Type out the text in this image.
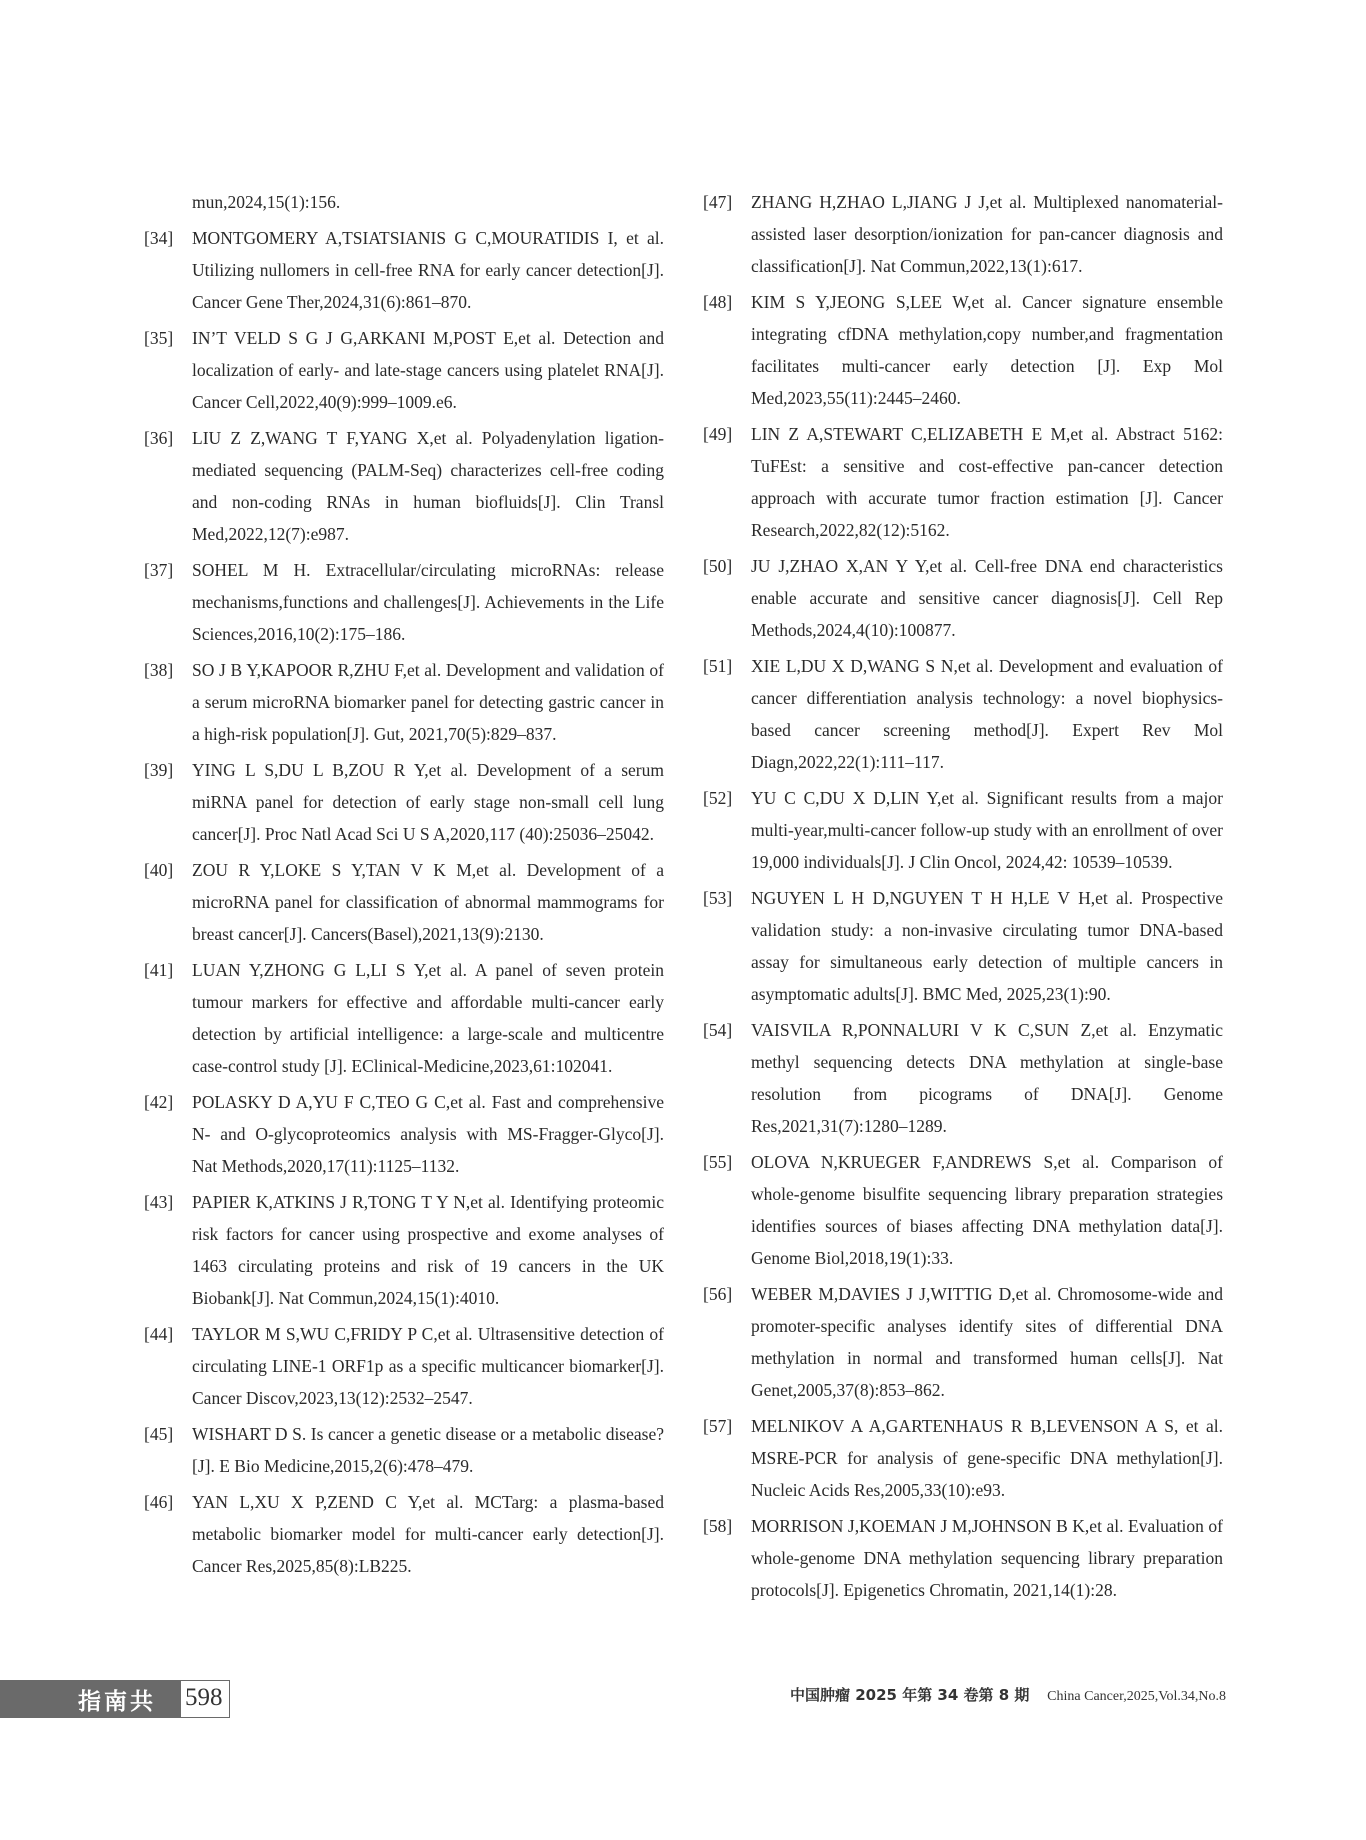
mun,2024,15(1):156.
[34] MONTGOMERY A,TSIATSIANIS G C,MOURATIDIS I, et al. Utilizing nullomers in cell-free RNA for early cancer detection[J]. Cancer Gene Ther,2024,31(6):861–870.
[35] IN’T VELD S G J G,ARKANI M,POST E,et al. Detection and localization of early- and late-stage cancers using platelet RNA[J]. Cancer Cell,2022,40(9):999–1009.e6.
[36] LIU Z Z,WANG T F,YANG X,et al. Polyadenylation ligation-mediated sequencing (PALM-Seq) characterizes cell-free coding and non-coding RNAs in human biofluids[J]. Clin Transl Med,2022,12(7):e987.
[37] SOHEL M H. Extracellular/circulating microRNAs: release mechanisms,functions and challenges[J]. Achievements in the Life Sciences,2016,10(2):175–186.
[38] SO J B Y,KAPOOR R,ZHU F,et al. Development and validation of a serum microRNA biomarker panel for detecting gastric cancer in a high-risk population[J]. Gut, 2021,70(5):829–837.
[39] YING L S,DU L B,ZOU R Y,et al. Development of a serum miRNA panel for detection of early stage non-small cell lung cancer[J]. Proc Natl Acad Sci U S A,2020,117 (40):25036–25042.
[40] ZOU R Y,LOKE S Y,TAN V K M,et al. Development of a microRNA panel for classification of abnormal mammograms for breast cancer[J]. Cancers(Basel),2021,13(9):2130.
[41] LUAN Y,ZHONG G L,LI S Y,et al. A panel of seven protein tumour markers for effective and affordable multi-cancer early detection by artificial intelligence: a large-scale and multicentre case-control study [J]. EClinical-Medicine,2023,61:102041.
[42] POLASKY D A,YU F C,TEO G C,et al. Fast and comprehensive N- and O-glycoproteomics analysis with MS-Fragger-Glyco[J]. Nat Methods,2020,17(11):1125–1132.
[43] PAPIER K,ATKINS J R,TONG T Y N,et al. Identifying proteomic risk factors for cancer using prospective and exome analyses of 1463 circulating proteins and risk of 19 cancers in the UK Biobank[J]. Nat Commun,2024,15(1):4010.
[44] TAYLOR M S,WU C,FRIDY P C,et al. Ultrasensitive detection of circulating LINE-1 ORF1p as a specific multicancer biomarker[J]. Cancer Discov,2023,13(12):2532–2547.
[45] WISHART D S. Is cancer a genetic disease or a metabolic disease?[J]. E Bio Medicine,2015,2(6):478–479.
[46] YAN L,XU X P,ZEND C Y,et al. MCTarg: a plasma-based metabolic biomarker model for multi-cancer early detection[J]. Cancer Res,2025,85(8):LB225.
[47] ZHANG H,ZHAO L,JIANG J J,et al. Multiplexed nanomaterial-assisted laser desorption/ionization for pan-cancer diagnosis and classification[J]. Nat Commun,2022,13(1):617.
[48] KIM S Y,JEONG S,LEE W,et al. Cancer signature ensemble integrating cfDNA methylation,copy number,and fragmentation facilitates multi-cancer early detection [J]. Exp Mol Med,2023,55(11):2445–2460.
[49] LIN Z A,STEWART C,ELIZABETH E M,et al. Abstract 5162: TuFEst: a sensitive and cost-effective pan-cancer detection approach with accurate tumor fraction estimation [J]. Cancer Research,2022,82(12):5162.
[50] JU J,ZHAO X,AN Y Y,et al. Cell-free DNA end characteristics enable accurate and sensitive cancer diagnosis[J]. Cell Rep Methods,2024,4(10):100877.
[51] XIE L,DU X D,WANG S N,et al. Development and evaluation of cancer differentiation analysis technology: a novel biophysics-based cancer screening method[J]. Expert Rev Mol Diagn,2022,22(1):111–117.
[52] YU C C,DU X D,LIN Y,et al. Significant results from a major multi-year,multi-cancer follow-up study with an enrollment of over 19,000 individuals[J]. J Clin Oncol, 2024,42: 10539–10539.
[53] NGUYEN L H D,NGUYEN T H H,LE V H,et al. Prospective validation study: a non-invasive circulating tumor DNA-based assay for simultaneous early detection of multiple cancers in asymptomatic adults[J]. BMC Med, 2025,23(1):90.
[54] VAISVILA R,PONNALURI V K C,SUN Z,et al. Enzymatic methyl sequencing detects DNA methylation at single-base resolution from picograms of DNA[J]. Genome Res,2021,31(7):1280–1289.
[55] OLOVA N,KRUEGER F,ANDREWS S,et al. Comparison of whole-genome bisulfite sequencing library preparation strategies identifies sources of biases affecting DNA methylation data[J]. Genome Biol,2018,19(1):33.
[56] WEBER M,DAVIES J J,WITTIG D,et al. Chromosome-wide and promoter-specific analyses identify sites of differential DNA methylation in normal and transformed human cells[J]. Nat Genet,2005,37(8):853–862.
[57] MELNIKOV A A,GARTENHAUS R B,LEVENSON A S, et al. MSRE-PCR for analysis of gene-specific DNA methylation[J]. Nucleic Acids Res,2005,33(10):e93.
[58] MORRISON J,KOEMAN J M,JOHNSON B K,et al. Evaluation of whole-genome DNA methylation sequencing library preparation protocols[J]. Epigenetics Chromatin, 2021,14(1):28.
指南共识
598	中国肿瘤 2025 年第 34 卷第 8 期 China Cancer,2025,Vol.34,No.8
